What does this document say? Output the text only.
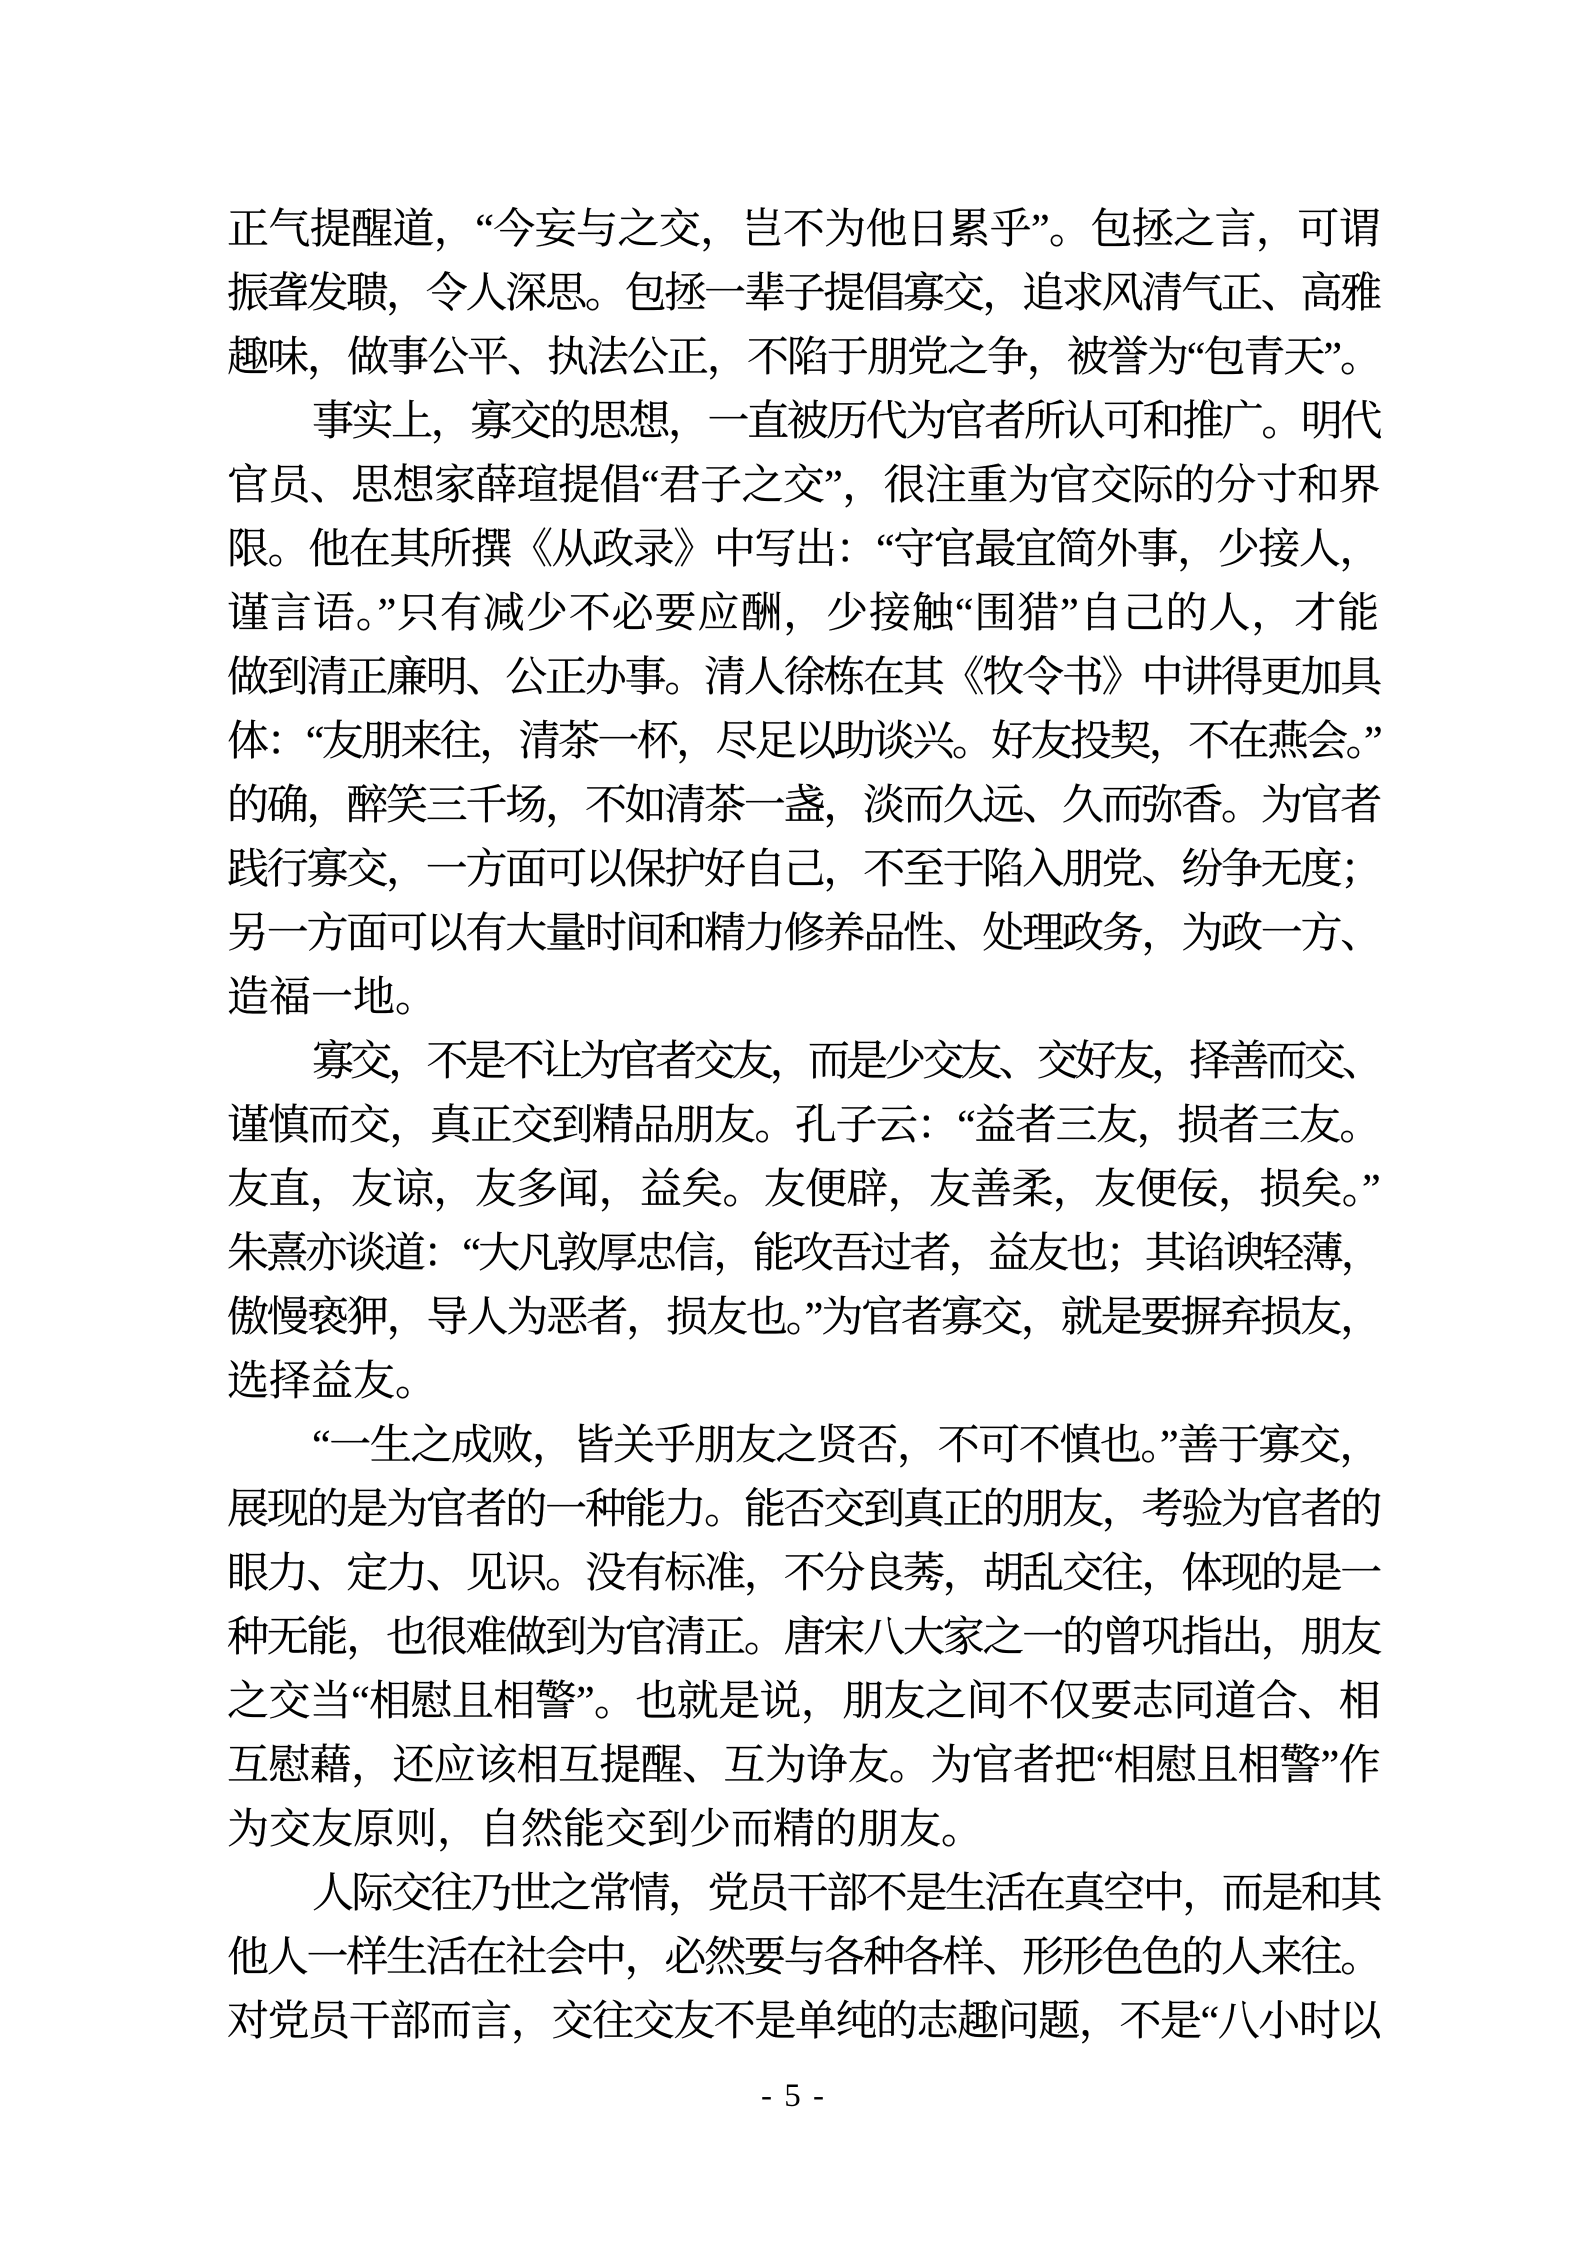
正气提醒道，“今妄与之交，岂不为他日累乎”。包拯之言，可谓
振聋发聩，令人深思。包拯一辈子提倡寡交，追求风清气正、高雅
趣味，做事公平、执法公正，不陷于朋党之争，被誉为“包青天”。
事实上，寡交的思想，一直被历代为官者所认可和推广。明代
官员、思想家薛瑄提倡“君子之交”，很注重为官交际的分寸和界
限。他在其所撰《从政录》中写出：“守官最宜简外事，少接人，
谨言语。”只有减少不必要应酬，少接触“围猎”自己的人，才能
做到清正廉明、公正办事。清人徐栋在其《牧令书》中讲得更加具
体：“友朋来往，清茶一杯，尽足以助谈兴。好友投契，不在燕会。”
的确，醉笑三千场，不如清茶一盏，淡而久远、久而弥香。为官者
践行寡交，一方面可以保护好自己，不至于陷入朋党、纷争无度；
另一方面可以有大量时间和精力修养品性、处理政务，为政一方、
造福一地。
寡交，不是不让为官者交友，而是少交友、交好友，择善而交、
谨慎而交，真正交到精品朋友。孔子云：“益者三友，损者三友。
友直，友谅，友多闻，益矣。友便辟，友善柔，友便佞，损矣。”
朱熹亦谈道：“大凡敦厚忠信，能攻吾过者，益友也；其谄谀轻薄，
傲慢亵狎，导人为恶者，损友也。”为官者寡交，就是要摒弃损友，
选择益友。
“一生之成败，皆关乎朋友之贤否，不可不慎也。”善于寡交，
展现的是为官者的一种能力。能否交到真正的朋友，考验为官者的
眼力、定力、见识。没有标准，不分良莠，胡乱交往，体现的是一
种无能，也很难做到为官清正。唐宋八大家之一的曾巩指出，朋友
之交当“相慰且相警”。也就是说，朋友之间不仅要志同道合、相
互慰藉，还应该相互提醒、互为诤友。为官者把“相慰且相警”作
为交友原则，自然能交到少而精的朋友。
人际交往乃世之常情，党员干部不是生活在真空中，而是和其
他人一样生活在社会中，必然要与各种各样、形形色色的人来往。
对党员干部而言，交往交友不是单纯的志趣问题，不是“八小时以
- 5 -
